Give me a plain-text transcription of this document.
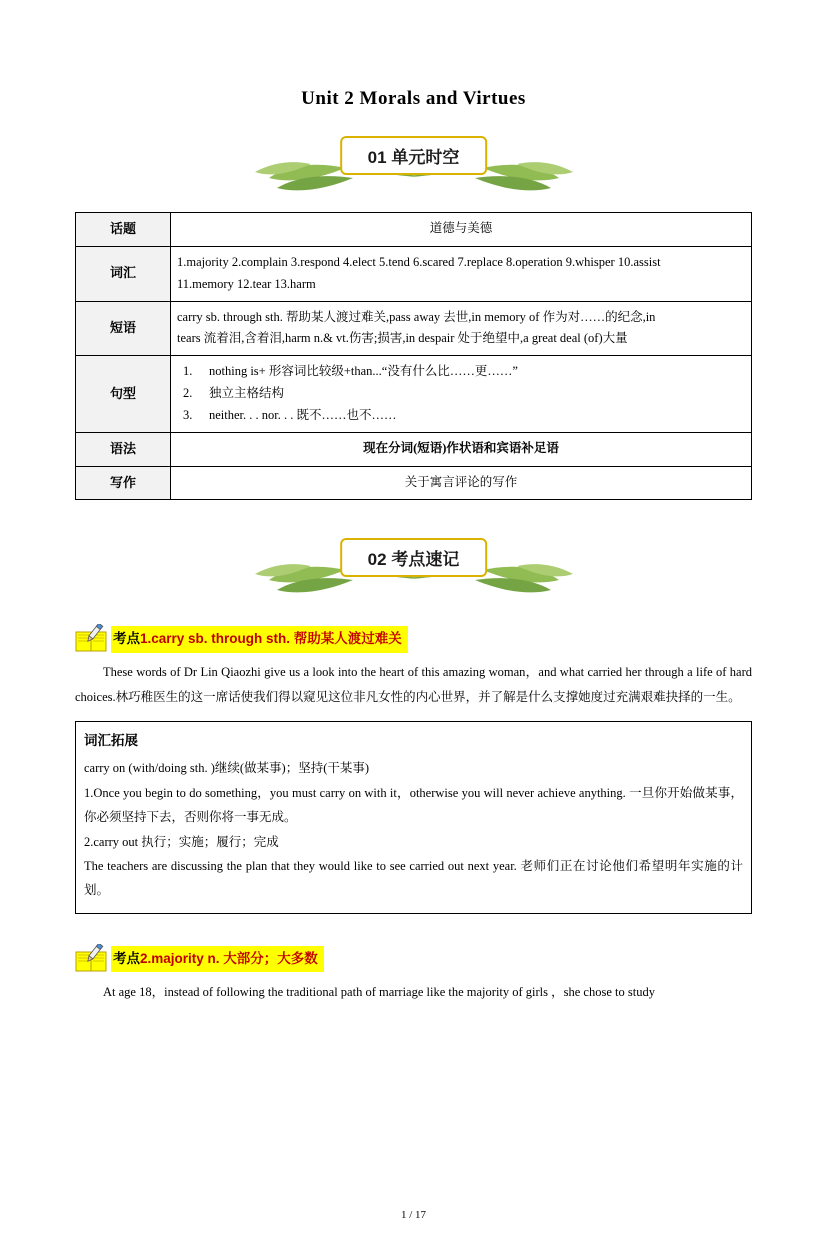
Unit 2 Morals and Virtues
01 单元时空
话题	道德与美德
词汇	1.majority 2.complain 3.respond 4.elect 5.tend 6.scared 7.replace 8.operation 9.whisper 10.assist
11.memory 12.tear 13.harm

短语	carry sb. through sth. 帮助某人渡过难关,pass away 去世,in memory of 作为对……的纪念,in
tears 流着泪,含着泪,harm n.& vt.伤害;损害,in despair 处于绝望中,a great deal (of)大量

句型	1. nothing is+ 形容词比较级+than...“没有什么比……更……”
2. 独立主格结构
3. neither. . . nor. . . 既不……也不……

语法	现在分词(短语)作状语和宾语补足语
写作	关于寓言评论的写作
02 考点速记
考点1.carry sb. through sth. 帮助某人渡过难关

These words of Dr Lin Qiaozhi give us a look into the heart of this amazing woman，and what carried her through a life of hard choices.林巧稚医生的这一席话使我们得以窥见这位非凡女性的内心世界，并了解是什么支撑她度过充满艰难抉择的一生。

词汇拓展

carry on (with/doing sth. )继续(做某事)；坚持(干某事)

1.Once you begin to do something，you must carry on with it，otherwise you will never achieve anything. 一旦你开始做某事，你必须坚持下去，否则你将一事无成。

2.carry out 执行；实施；履行；完成

The teachers are discussing the plan that they would like to see carried out next year. 老师们正在讨论他们希望明年实施的计划。

考点2.majority n. 大部分；大多数

At age 18，instead of following the traditional path of marriage like the majority of girls ，she chose to study

1 / 17
